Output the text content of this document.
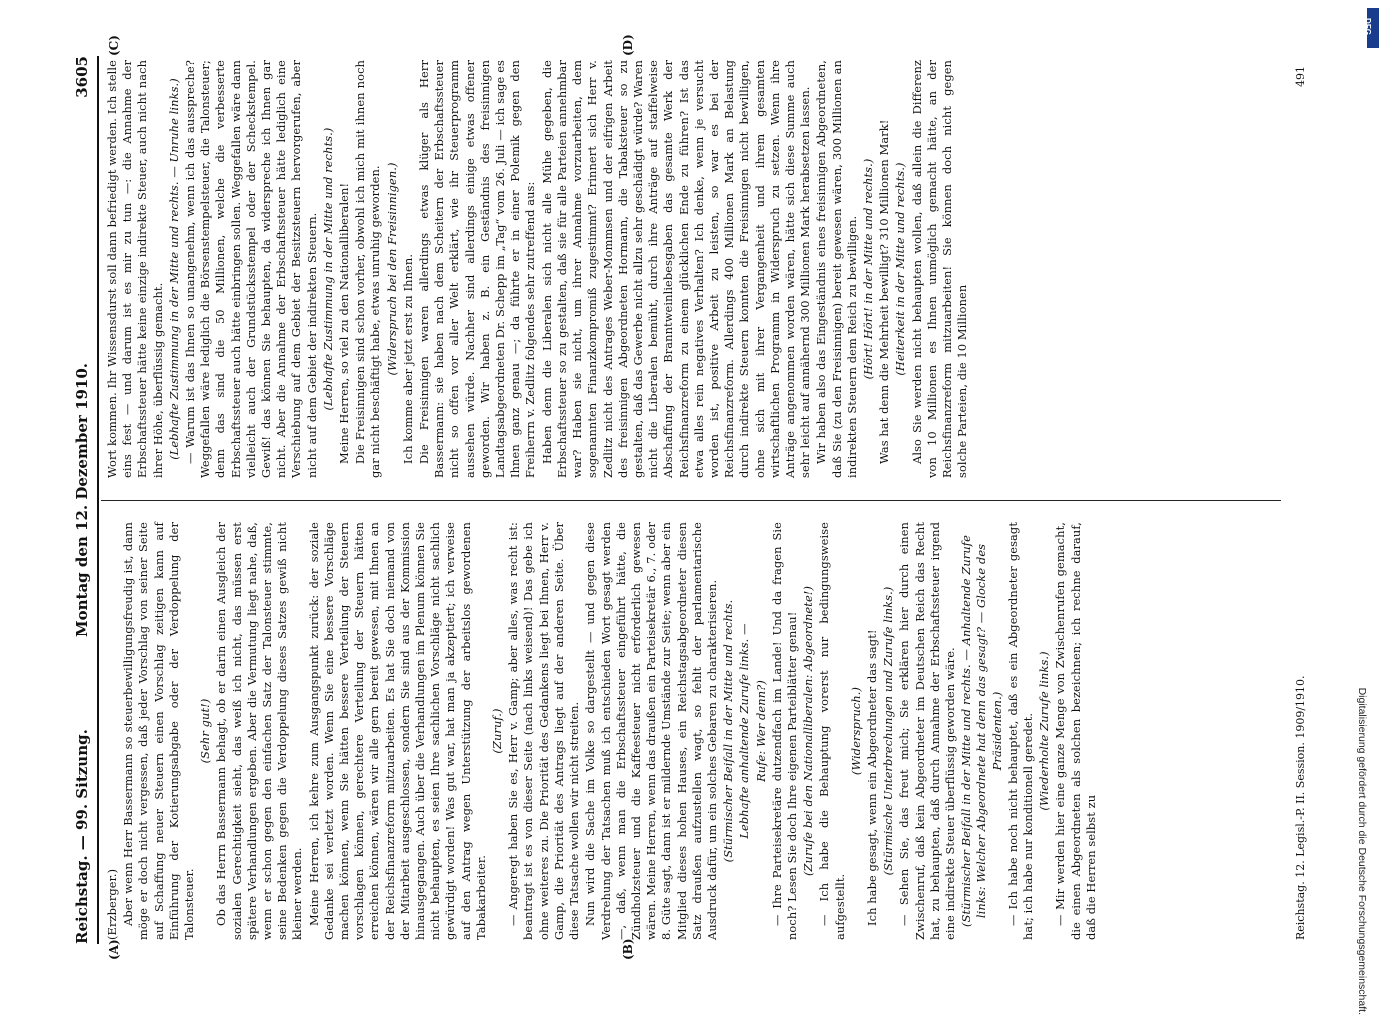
Reichstag. — 99. Sitzung.
Montag den 12. Dezember 1910.
3605
(A)	(B)
(C)	(D)

(Erzberger.) Aber wenn Herr Bassermann so steuerbewilligungsfreudig ist, dann möge er doch nicht vergessen, daß jeder Vorschlag von seiner Seite auf Schaffung neuer Steuern einen Vorschlag zeitigen kann auf Einführung der Kotierungsabgabe oder der Verdoppelung der Talonsteuer.

(Sehr gut!) Ob das Herrn Bassermann behagt, ob er darin einen Ausgleich der sozialen Gerechtigkeit sieht, das weiß ich nicht, das müssen erst spätere Verhandlungen ergeben. Aber die Vermutung liegt nahe, daß, wenn er schon gegen den einfachen Satz der Talonsteuer stimmte, seine Bedenken gegen die Verdoppelung dieses Satzes gewiß nicht kleiner werden. Meine Herren, ich kehre zum Ausgangspunkt zurück: der soziale Gedanke sei verletzt worden. Wenn Sie eine bessere Vorschläge machen können, wenn Sie hätten bessere Verteilung der Steuern vorschlagen können, gerechtere Verteilung der Steuern hätten erreichen können, wären wir alle gern bereit gewesen, mit Ihnen an der Reichsfinanzreform mitzuarbeiten. Es hat Sie doch niemand von der Mitarbeit ausgeschlossen, sondern Sie sind aus der Kommission hinausgegangen. Auch über die Verhandlungen im Plenum können Sie nicht behaupten, es seien Ihre sachlichen Vorschläge nicht sachlich gewürdigt worden! Was gut war, hat man ja akzeptiert; ich verweise auf den Antrag wegen Unterstützung der arbeitslos gewordenen Tabakarbeiter.

(Zuruf.) — Angeregt haben Sie es, Herr v. Gamp; aber alles, was recht ist: beantragt ist es von dieser Seite (nach links weisend)! Das gebe ich ohne weiteres zu. Die Priorität des Gedankens liegt bei Ihnen, Herr v. Gamp, die Priorität des Antrags liegt auf der anderen Seite. Über diese Tatsache wollen wir nicht streiten. Nun wird die Sache im Volke so dargestellt — und gegen diese Verdrehung der Tatsachen muß ich entschieden Wort gesagt werden —, daß, wenn man die Erbschaftssteuer eingeführt hätte, die Zündholzsteuer und die Kaffeesteuer nicht erforderlich gewesen wären. Meine Herren, wenn das draußen ein Parteisekretär 6., 7. oder 8. Güte sagt, dann ist er mildernde Umstände zur Seite; wenn aber ein Mitglied dieses hohen Hauses, ein Reichstagsabgeordneter diesen Satz draußen aufzustellen wagt, so fehlt der parlamentarische Ausdruck dafür, um ein solches Gebaren zu charakterisieren. (Stürmischer Beifall in der Mitte und rechts. Lebhafte anhaltende Zurufe links. — Rufe: Wer denn?) — Ihre Parteisekretäre dutzendfach im Lande! Und da fragen Sie noch? Lesen Sie doch Ihre eigenen Parteiblätter genau! (Zurufe bei den Nationalliberalen: Abgeordnete!) — Ich habe die Behauptung vorerst nur bedingungsweise aufgestellt.

(Widerspruch.) Ich habe gesagt, wenn ein Abgeordneter das sagt! (Stürmische Unterbrechungen und Zurufe links.) — Sehen Sie, das freut mich; Sie erklären hier durch einen Zwischenruf, daß kein Abgeordneter im Deutschen Reich das Recht hat, zu behaupten, daß durch Annahme der Erbschaftssteuer irgend eine indirekte Steuer überflüssig geworden wäre. (Stürmischer Beifall in der Mitte und rechts. — Anhaltende Zurufe links: Welcher Abgeordnete hat denn das gesagt? — Glocke des Präsidenten.) — Ich habe noch nicht behauptet, daß es ein Abgeordneter gesagt hat; ich habe nur konditionell geredet. (Wiederholte Zurufe links.) — Mir werden hier eine ganze Menge von Zwischenrufen gemacht, die einen Abgeordneten als solchen bezeichnen; ich rechne darauf, daß die Herren selbst zu

Wort kommen. Ihr Wissensdurst soll dann befriedigt werden. Ich stelle eins fest — und darum ist es mir zu tun —: die Annahme der Erbschaftssteuer hätte keine einzige indirekte Steuer, auch nicht nach ihrer Höhe, überflüssig gemacht. (Lebhafte Zustimmung in der Mitte und rechts. — Unruhe links.) — Warum ist das Ihnen so unangenehm, wenn ich das ausspreche? Weggefallen wäre lediglich die Börsenstempelsteuer, die Talonsteuer; denn das sind die 50 Millionen, welche die verbesserte Erbschaftssteuer auch hätte einbringen sollen. Weggefallen wäre dann vielleicht auch der Grundstücksstempel oder der Scheckstempel. Gewiß! das können Sie behaupten, da widerspreche ich Ihnen gar nicht. Aber die Annahme der Erbschaftssteuer hätte lediglich eine Verschiebung auf dem Gebiet der Besitzsteuern hervorgerufen, aber nicht auf dem Gebiet der indirekten Steuern. (Lebhafte Zustimmung in der Mitte und rechts.) Meine Herren, so viel zu den Nationalliberalen! Die Freisinnigen sind schon vorher, obwohl ich mich mit ihnen noch gar nicht beschäftigt habe, etwas unruhig geworden. (Widerspruch bei den Freisinnigen.) Ich komme aber jetzt erst zu Ihnen. Die Freisinnigen waren allerdings etwas klüger als Herr Bassermann: sie haben nach dem Scheitern der Erbschaftssteuer nicht so offen vor aller Welt erklärt, wie ihr Steuerprogramm aussehen würde. Nachher sind allerdings einige etwas offener geworden. Wir haben z. B. ein Geständnis des freisinnigen Landtagsabgeordneten Dr. Schepp im „Tag“ vom 26. Juli — ich sage es Ihnen ganz genau —; da führte er in einer Polemik gegen den Freiherrn v. Zedlitz folgendes sehr zutreffend aus: Haben denn die Liberalen sich nicht alle Mühe gegeben, die Erbschaftssteuer so zu gestalten, daß sie für alle Parteien annehmbar war? Haben sie nicht, um ihrer Annahme vorzuarbeiten, dem sogenannten Finanzkompromiß zugestimmt? Erinnert sich Herr v. Zedlitz nicht des Antrages Weber-Mommsen und der eifrigen Arbeit des freisinnigen Abgeordneten Hormann, die Tabaksteuer so zu gestalten, daß das Gewerbe nicht allzu sehr geschädigt würde? Waren nicht die Liberalen bemüht, durch ihre Anträge auf staffelweise Abschaffung der Branntweinliebesgaben das gesamte Werk der Reichsfinanzreform zu einem glücklichen Ende zu führen? Ist das etwa alles rein negatives Verhalten? Ich denke, wenn je versucht worden ist, positive Arbeit zu leisten, so war es bei der Reichsfinanzreform. Allerdings 400 Millionen Mark an Belastung durch indirekte Steuern konnten die Freisinnigen nicht bewilligen, ohne sich mit ihrer Vergangenheit und ihrem gesamten wirtschaftlichen Programm in Widerspruch zu setzen. Wenn ihre Anträge angenommen worden wären, hätte sich diese Summe auch sehr leicht auf annähernd 300 Millionen Mark herabsetzen lassen. Wir haben also das Eingeständnis eines freisinnigen Abgeordneten, daß Sie (zu den Freisinnigen) bereit gewesen wären, 300 Millionen an indirekten Steuern dem Reich zu bewilligen. (Hört! Hört! in der Mitte und rechts.) Was hat denn die Mehrheit bewilligt? 310 Millionen Mark! (Heiterkeit in der Mitte und rechts.) Also Sie werden nicht behaupten wollen, daß allein die Differenz von 10 Millionen es Ihnen unmöglich gemacht hätte, an der Reichsfinanzreform mitzuarbeiten! Sie können doch nicht gegen solche Parteien, die 10 Millionen

Reichstag. 12. Legisl.-P. II. Session. 1909/1910.
491
Digitalisierung gefördert durch die Deutsche Forschungsgemeinschaft.
DFG
